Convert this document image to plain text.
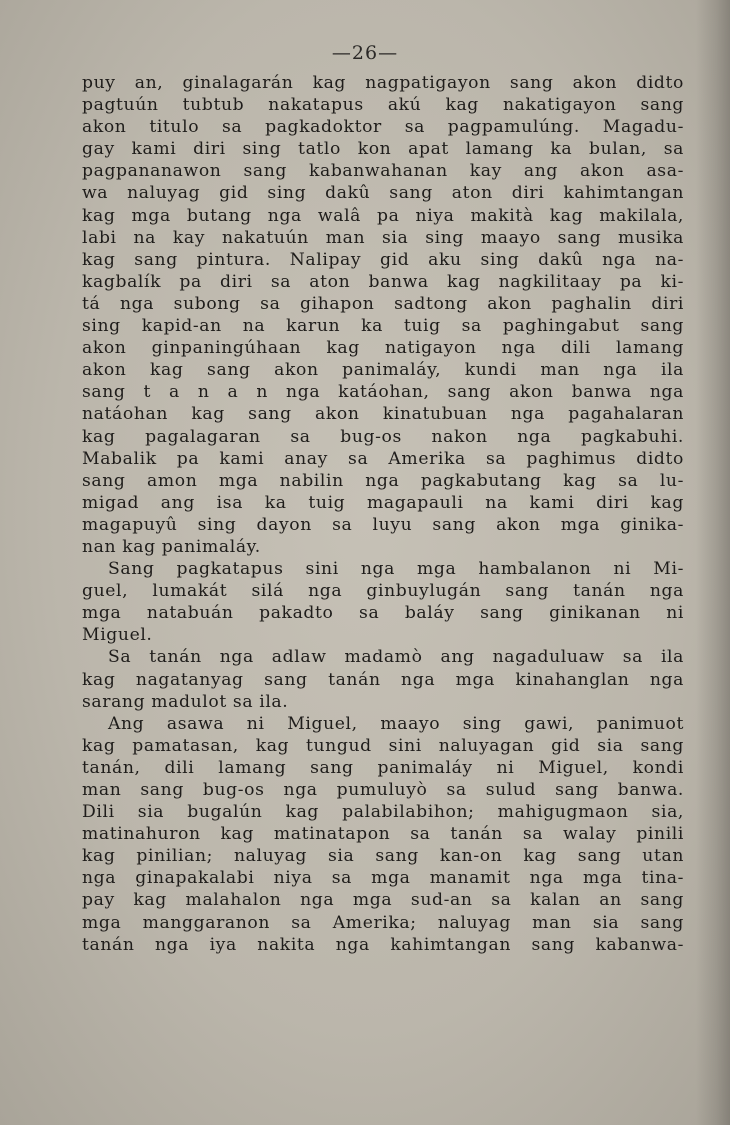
—26—
puy an, ginalagarán kag nagpatigayon sang akon didto
pagtuún tubtub nakatapus akú kag nakatigayon sang
akon titulo sa pagkadoktor sa pagpamulúng. Magadu-
gay kami diri sing tatlo kon apat lamang ka bulan, sa
pagpananawon sang kabanwahanan kay ang akon asa-
wa naluyag gid sing dakû sang aton diri kahimtangan
kag mga butang nga walâ pa niya makità kag makilala,
labi na kay nakatuún man sia sing maayo sang musika
kag sang pintura. Nalipay gid aku sing dakû nga na-
kagbalík pa diri sa aton banwa kag nagkilitaay pa ki-
tá nga subong sa gihapon sadtong akon paghalin diri
sing kapid-an na karun ka tuig sa paghingabut sang
akon ginpaningúhaan kag natigayon nga dili lamang
akon kag sang akon panimaláy, kundi man nga ila
sang t a n a n nga katáohan, sang akon banwa nga
natáohan kag sang akon kinatubuan nga pagahalaran
kag pagalagaran sa bug-os nakon nga pagkabuhi.
Mabalik pa kami anay sa Amerika sa paghimus didto
sang amon mga nabilin nga pagkabutang kag sa lu-
migad ang isa ka tuig magapauli na kami diri kag
magapuyû sing dayon sa luyu sang akon mga ginika-
nan kag panimaláy.
Sang pagkatapus sini nga mga hambalanon ni Mi-
guel, lumakát silá nga ginbuylugán sang tanán nga
mga natabuán pakadto sa baláy sang ginikanan ni
Miguel.
Sa tanán nga adlaw madamò ang nagaduluaw sa ila
kag nagatanyag sang tanán nga mga kinahanglan nga
sarang madulot sa ila.
Ang asawa ni Miguel, maayo sing gawi, panimuot
kag pamatasan, kag tungud sini naluyagan gid sia sang
tanán, dili lamang sang panimaláy ni Miguel, kondi
man sang bug-os nga pumuluyò sa sulud sang banwa.
Dili sia bugalún kag palabilabihon; mahigugmaon sia,
matinahuron kag matinatapon sa tanán sa walay pinili
kag pinilian; naluyag sia sang kan-on kag sang utan
nga ginapakalabi niya sa mga manamit nga mga tina-
pay kag malahalon nga mga sud-an sa kalan an sang
mga manggaranon sa Amerika; naluyag man sia sang
tanán nga iya nakita nga kahimtangan sang kabanwa-
